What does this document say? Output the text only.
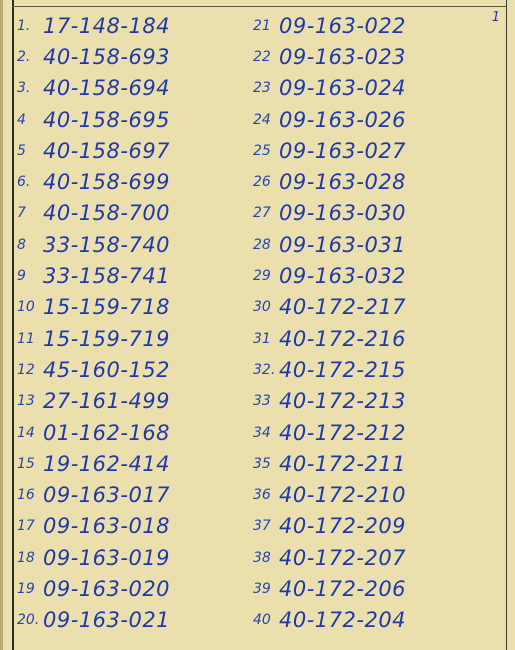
1
1. 17-148-184
2. 40-158-693
3. 40-158-694
4 40-158-695
5 40-158-697
6. 40-158-699
7 40-158-700
8 33-158-740
9 33-158-741
10 15-159-718
11 15-159-719
12 45-160-152
13 27-161-499
14 01-162-168
15 19-162-414
16 09-163-017
17 09-163-018
18 09-163-019
19 09-163-020
20. 09-163-021
21 09-163-022
22 09-163-023
23 09-163-024
24 09-163-026
25 09-163-027
26 09-163-028
27 09-163-030
28 09-163-031
29 09-163-032
30 40-172-217
31 40-172-216
32. 40-172-215
33 40-172-213
34 40-172-212
35 40-172-211
36 40-172-210
37 40-172-209
38 40-172-207
39 40-172-206
40 40-172-204
